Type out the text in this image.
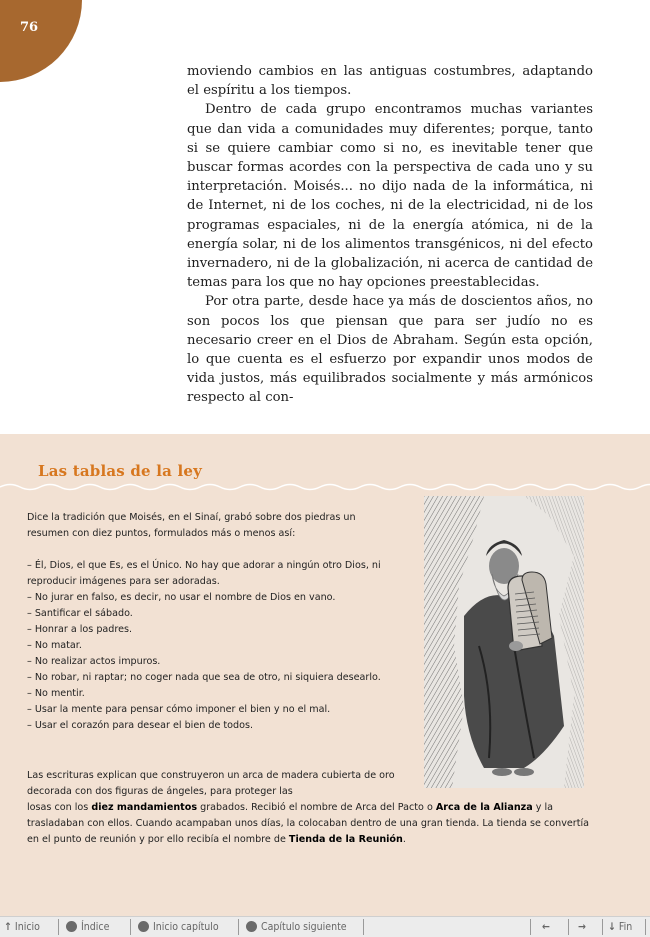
76

moviendo cambios en las antiguas costumbres, adaptando el espíritu a los tiempos.

Dentro de cada grupo encontramos muchas variantes que dan vida a comunidades muy diferentes; porque, tanto si se quiere cambiar como si no, es inevitable tener que buscar formas acordes con la perspectiva de cada uno y su interpretación. Moisés... no dijo nada de la informática, ni de Internet, ni de los coches, ni de la electricidad, ni de los programas espaciales, ni de la energía atómica, ni de la energía solar, ni de los alimentos transgénicos, ni del efecto invernadero, ni de la globalización, ni acerca de cantidad de temas para los que no hay opciones preestablecidas.

Por otra parte, desde hace ya más de doscientos años, no son pocos los que piensan que para ser judío no es necesario creer en el Dios de Abraham. Según esta opción, lo que cuenta es el esfuerzo por expandir unos modos de vida justos, más equilibrados socialmente y más armónicos respecto al con-

Las tablas de la ley

Dice la tradición que Moisés, en el Sinaí, grabó sobre dos piedras un resumen con diez puntos, formulados más o menos así:

– Él, Dios, el que Es, es el Único. No hay que adorar a ningún otro Dios, ni reproducir imágenes para ser adoradas.

– No jurar en falso, es decir, no usar el nombre de Dios en vano.

– Santificar el sábado.

– Honrar a los padres.

– No matar.

– No realizar actos impuros.

– No robar, ni raptar; no coger nada que sea de otro, ni siquiera desearlo.

– No mentir.

– Usar la mente para pensar cómo imponer el bien y no el mal.

– Usar el corazón para desear el bien de todos.

Las escrituras explican que construyeron un arca de madera cubierta de oro decorada con dos figuras de ángeles, para proteger las
losas con los diez mandamientos grabados. Recibió el nombre de Arca del Pacto o Arca de la Alianza y la trasladaban con ellos. Cuando acampaban unos días, la colocaban dentro de una gran tienda. La tienda se convertía en el punto de reunión y por ello recibía el nombre de Tienda de la Reunión.
↑ Inicio	Índice	Inicio capítulo	Capítulo siguiente	←	→ ↓ Fin
